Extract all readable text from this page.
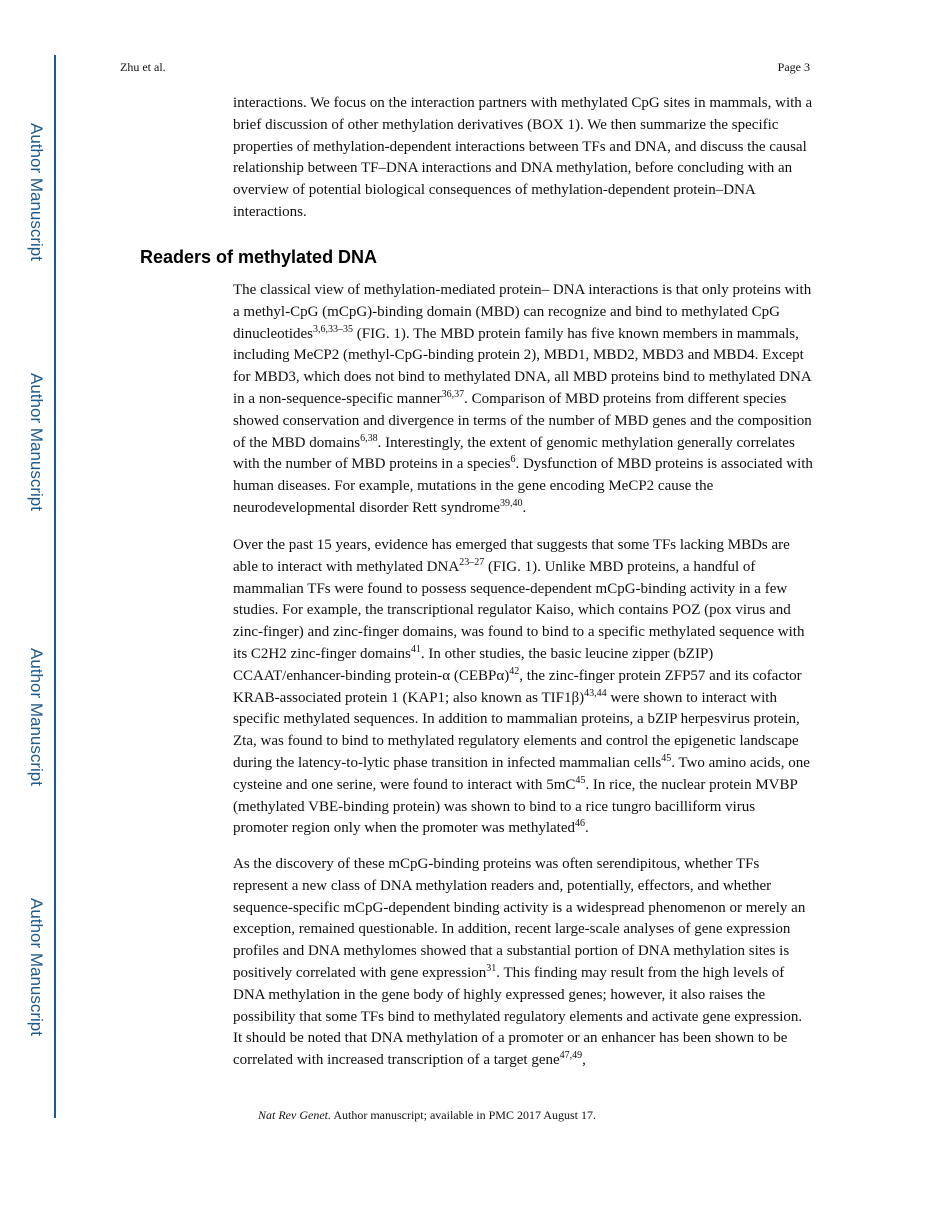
Author Manuscript
Author Manuscript
Author Manuscript
Author Manuscript
Zhu et al.	Page 3

interactions. We focus on the interaction partners with methylated CpG sites in mammals, with a brief discussion of other methylation derivatives (BOX 1). We then summarize the specific properties of methylation-dependent interactions between TFs and DNA, and discuss the causal relationship between TF–DNA interactions and DNA methylation, before concluding with an overview of potential biological consequences of methylation-dependent protein–DNA interactions.

Readers of methylated DNA

The classical view of methylation-mediated protein– DNA interactions is that only proteins with a methyl-CpG (mCpG)-binding domain (MBD) can recognize and bind to methylated CpG dinucleotides$^{3,6,33-35}$ (FIG. 1). The MBD protein family has five known members in mammals, including MeCP2 (methyl-CpG-binding protein 2), MBD1, MBD2, MBD3 and MBD4. Except for MBD3, which does not bind to methylated DNA, all MBD proteins bind to methylated DNA in a non-sequence-specific manner$^{36,37}$. Comparison of MBD proteins from different species showed conservation and divergence in terms of the number of MBD genes and the composition of the MBD domains$^{6,38}$. Interestingly, the extent of genomic methylation generally correlates with the number of MBD proteins in a species$^6$. Dysfunction of MBD proteins is associated with human diseases. For example, mutations in the gene encoding MeCP2 cause the neurodevelopmental disorder Rett syndrome$^{39,40}$.

Over the past 15 years, evidence has emerged that suggests that some TFs lacking MBDs are able to interact with methylated DNA$^{23-27}$ (FIG. 1). Unlike MBD proteins, a handful of mammalian TFs were found to possess sequence-dependent mCpG-binding activity in a few studies. For example, the transcriptional regulator Kaiso, which contains POZ (pox virus and zinc-finger) and zinc-finger domains, was found to bind to a specific methylated sequence with its C2H2 zinc-finger domains$^{41}$. In other studies, the basic leucine zipper (bZIP) CCAAT/enhancer-binding protein-α (CEBPα)$^{42}$, the zinc-finger protein ZFP57 and its cofactor KRAB-associated protein 1 (KAP1; also known as TIF1β)$^{43,44}$ were shown to interact with specific methylated sequences. In addition to mammalian proteins, a bZIP herpesvirus protein, Zta, was found to bind to methylated regulatory elements and control the epigenetic landscape during the latency-to-lytic phase transition in infected mammalian cells$^{45}$. Two amino acids, one cysteine and one serine, were found to interact with $5mC^{45}$. In rice, the nuclear protein MVBP (methylated VBE-binding protein) was shown to bind to a rice tungro bacilliform virus promoter region only when the promoter was methylated$^{46}$.

As the discovery of these mCpG-binding proteins was often serendipitous, whether TFs represent a new class of DNA methylation readers and, potentially, effectors, and whether sequence-specific mCpG-dependent binding activity is a widespread phenomenon or merely an exception, remained questionable. In addition, recent large-scale analyses of gene expression profiles and DNA methylomes showed that a substantial portion of DNA methylation sites is positively correlated with gene expression$^{31}$. This finding may result from the high levels of DNA methylation in the gene body of highly expressed genes; however, it also raises the possibility that some TFs bind to methylated regulatory elements and activate gene expression. It should be noted that DNA methylation of a promoter or an enhancer has been shown to be correlated with increased transcription of a target gene$^{47,49}$,

Nat Rev Genet. Author manuscript; available in PMC 2017 August 17.
